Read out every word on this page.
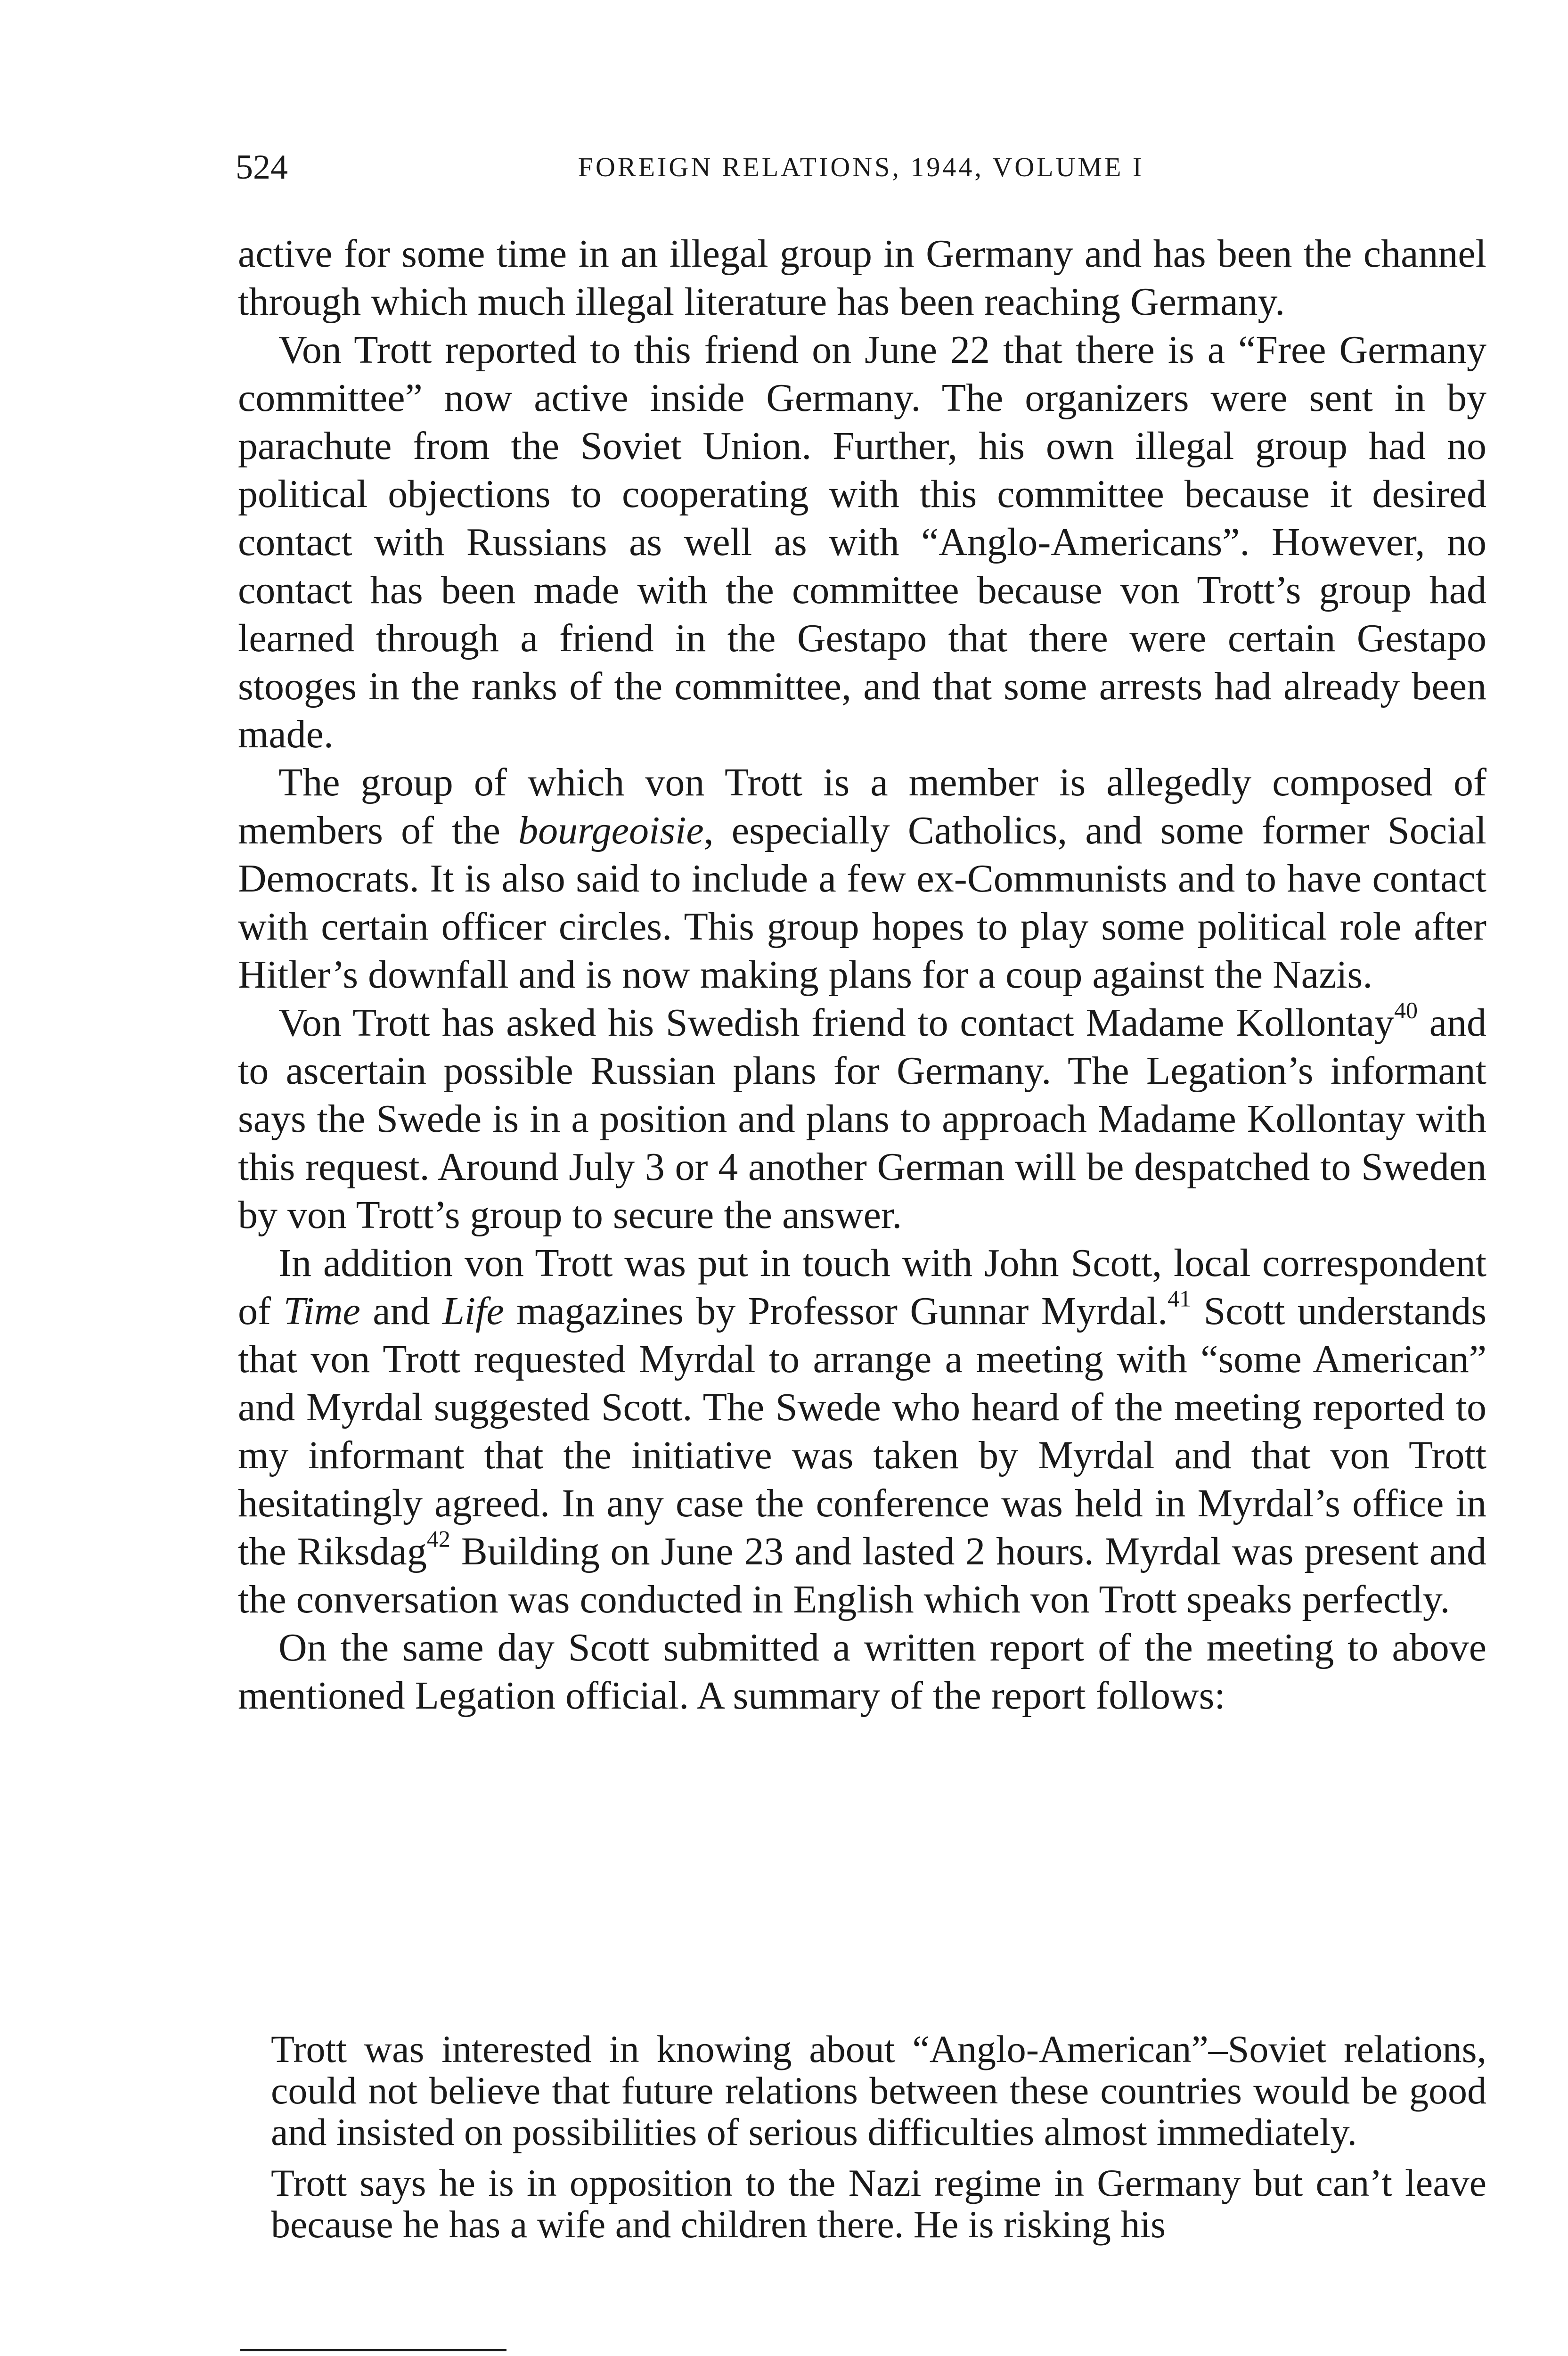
524	FOREIGN RELATIONS, 1944, VOLUME I

active for some time in an illegal group in Germany and has been the channel through which much illegal literature has been reaching Germany.

Von Trott reported to this friend on June 22 that there is a “Free Germany committee” now active inside Germany. The organizers were sent in by parachute from the Soviet Union. Further, his own illegal group had no political objections to cooperating with this committee because it desired contact with Russians as well as with “Anglo-Americans”. However, no contact has been made with the committee because von Trott’s group had learned through a friend in the Gestapo that there were certain Gestapo stooges in the ranks of the committee, and that some arrests had already been made.

The group of which von Trott is a member is allegedly composed of members of the bourgeoisie, especially Catholics, and some former Social Democrats. It is also said to include a few ex-Communists and to have contact with certain officer circles. This group hopes to play some political role after Hitler’s downfall and is now making plans for a coup against the Nazis.

Von Trott has asked his Swedish friend to contact Madame Kollontay$^{40}$ and to ascertain possible Russian plans for Germany. The Legation’s informant says the Swede is in a position and plans to approach Madame Kollontay with this request. Around July 3 or 4 another German will be despatched to Sweden by von Trott’s group to secure the answer.

In addition von Trott was put in touch with John Scott, local correspondent of Time and Life magazines by Professor Gunnar Myrdal.$^{41}$ Scott understands that von Trott requested Myrdal to arrange a meeting with “some American” and Myrdal suggested Scott. The Swede who heard of the meeting reported to my informant that the initiative was taken by Myrdal and that von Trott hesitatingly agreed. In any case the conference was held in Myrdal’s office in the Riksdag$^{42}$ Building on June 23 and lasted 2 hours. Myrdal was present and the conversation was conducted in English which von Trott speaks perfectly.

On the same day Scott submitted a written report of the meeting to above mentioned Legation official. A summary of the report follows:

Trott was interested in knowing about “Anglo-American”–Soviet relations, could not believe that future relations between these countries would be good and insisted on possibilities of serious difficulties almost immediately.

Trott says he is in opposition to the Nazi regime in Germany but can’t leave because he has a wife and children there. He is risking his
